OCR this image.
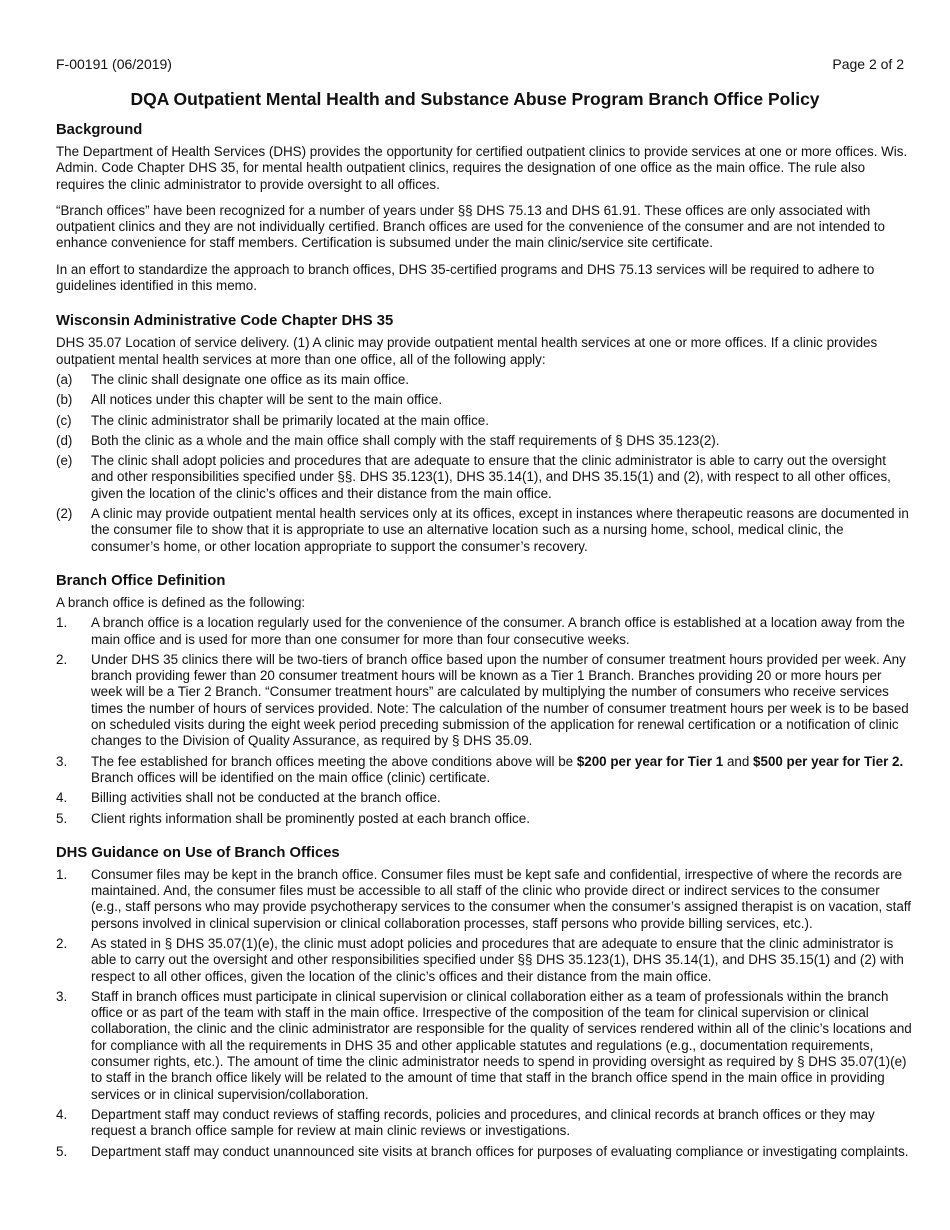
F-00191 (06/2019)	Page 2 of 2
DQA Outpatient Mental Health and Substance Abuse Program Branch Office Policy
Background

The Department of Health Services (DHS) provides the opportunity for certified outpatient clinics to provide services at one or more offices. Wis. Admin. Code Chapter DHS 35, for mental health outpatient clinics, requires the designation of one office as the main office. The rule also requires the clinic administrator to provide oversight to all offices.

“Branch offices” have been recognized for a number of years under §§ DHS 75.13 and DHS 61.91. These offices are only associated with outpatient clinics and they are not individually certified. Branch offices are used for the convenience of the consumer and are not intended to enhance convenience for staff members. Certification is subsumed under the main clinic/service site certificate.

In an effort to standardize the approach to branch offices, DHS 35-certified programs and DHS 75.13 services will be required to adhere to guidelines identified in this memo.

Wisconsin Administrative Code Chapter DHS 35

DHS 35.07 Location of service delivery. (1) A clinic may provide outpatient mental health services at one or more offices. If a clinic provides outpatient mental health services at more than one office, all of the following apply:

(a)	The clinic shall designate one office as its main office.
(b)	All notices under this chapter will be sent to the main office.
(c)	The clinic administrator shall be primarily located at the main office.
(d)	Both the clinic as a whole and the main office shall comply with the staff requirements of § DHS 35.123(2).
(e)	The clinic shall adopt policies and procedures that are adequate to ensure that the clinic administrator is able to carry out the oversight and other responsibilities specified under §§. DHS 35.123(1), DHS 35.14(1), and DHS 35.15(1) and (2), with respect to all other offices, given the location of the clinic’s offices and their distance from the main office.
(2)	A clinic may provide outpatient mental health services only at its offices, except in instances where therapeutic reasons are documented in the consumer file to show that it is appropriate to use an alternative location such as a nursing home, school, medical clinic, the consumer’s home, or other location appropriate to support the consumer’s recovery.
Branch Office Definition

A branch office is defined as the following:

1.	A branch office is a location regularly used for the convenience of the consumer. A branch office is established at a location away from the main office and is used for more than one consumer for more than four consecutive weeks.
2.	Under DHS 35 clinics there will be two-tiers of branch office based upon the number of consumer treatment hours provided per week. Any branch providing fewer than 20 consumer treatment hours will be known as a Tier 1 Branch. Branches providing 20 or more hours per week will be a Tier 2 Branch. “Consumer treatment hours” are calculated by multiplying the number of consumers who receive services times the number of hours of services provided. Note: The calculation of the number of consumer treatment hours per week is to be based on scheduled visits during the eight week period preceding submission of the application for renewal certification or a notification of clinic changes to the Division of Quality Assurance, as required by § DHS 35.09.
3.	The fee established for branch offices meeting the above conditions above will be $200 per year for Tier 1 and $500 per year for Tier 2. Branch offices will be identified on the main office (clinic) certificate.
4.	Billing activities shall not be conducted at the branch office.
5.	Client rights information shall be prominently posted at each branch office.
DHS Guidance on Use of Branch Offices
1.	Consumer files may be kept in the branch office. Consumer files must be kept safe and confidential, irrespective of where the records are maintained. And, the consumer files must be accessible to all staff of the clinic who provide direct or indirect services to the consumer (e.g., staff persons who may provide psychotherapy services to the consumer when the consumer’s assigned therapist is on vacation, staff persons involved in clinical supervision or clinical collaboration processes, staff persons who provide billing services, etc.).
2.	As stated in § DHS 35.07(1)(e), the clinic must adopt policies and procedures that are adequate to ensure that the clinic administrator is able to carry out the oversight and other responsibilities specified under §§ DHS 35.123(1), DHS 35.14(1), and DHS 35.15(1) and (2) with respect to all other offices, given the location of the clinic’s offices and their distance from the main office.
3.	Staff in branch offices must participate in clinical supervision or clinical collaboration either as a team of professionals within the branch office or as part of the team with staff in the main office. Irrespective of the composition of the team for clinical supervision or clinical collaboration, the clinic and the clinic administrator are responsible for the quality of services rendered within all of the clinic’s locations and for compliance with all the requirements in DHS 35 and other applicable statutes and regulations (e.g., documentation requirements, consumer rights, etc.). The amount of time the clinic administrator needs to spend in providing oversight as required by § DHS 35.07(1)(e) to staff in the branch office likely will be related to the amount of time that staff in the branch office spend in the main office in providing services or in clinical supervision/collaboration.
4.	Department staff may conduct reviews of staffing records, policies and procedures, and clinical records at branch offices or they may request a branch office sample for review at main clinic reviews or investigations.
5.	Department staff may conduct unannounced site visits at branch offices for purposes of evaluating compliance or investigating complaints.
